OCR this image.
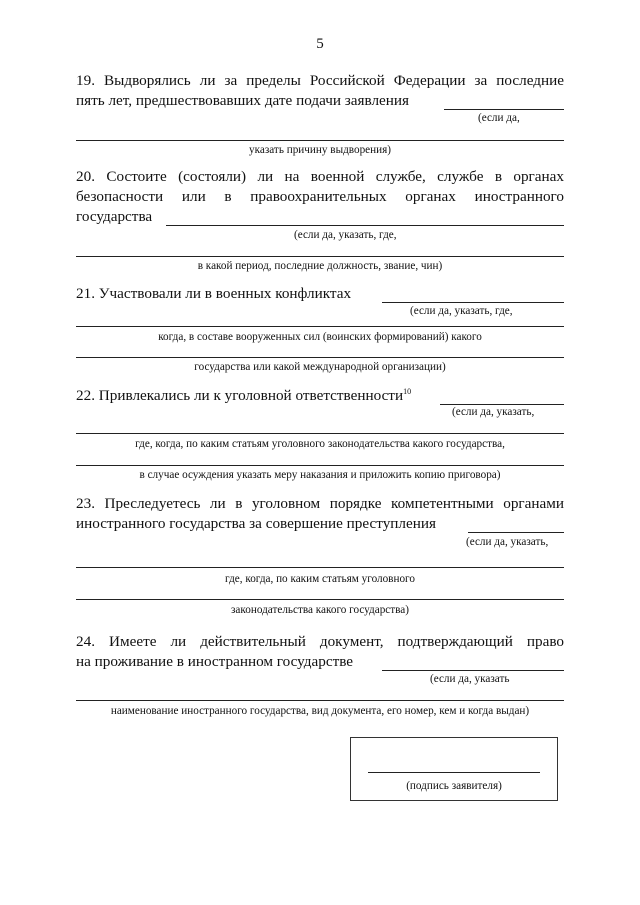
5
19. Выдворялись ли за пределы Российской Федерации за последние
пять лет, предшествовавших дате подачи заявления
(если да,
указать причину выдворения)
20. Состоите (состояли) ли на военной службе, службе в органах
безопасности или в правоохранительных органах иностранного
государства
(если да, указать, где,
в какой период, последние должность, звание, чин)
21. Участвовали ли в военных конфликтах
(если да, указать, где,
когда, в составе вооруженных сил (воинских формирований) какого
государства или какой международной организации)
22. Привлекались ли к уголовной ответственности$^{10}$
(если да, указать,
где, когда, по каким статьям уголовного законодательства какого государства,
в случае осуждения указать меру наказания и приложить копию приговора)
23. Преследуетесь ли в уголовном порядке компетентными органами
иностранного государства за совершение преступления
(если да, указать,
где, когда, по каким статьям уголовного
законодательства какого государства)
24. Имеете ли действительный документ, подтверждающий право
на проживание в иностранном государстве
(если да, указать
наименование иностранного государства, вид документа, его номер, кем и когда выдан)
(подпись заявителя)
